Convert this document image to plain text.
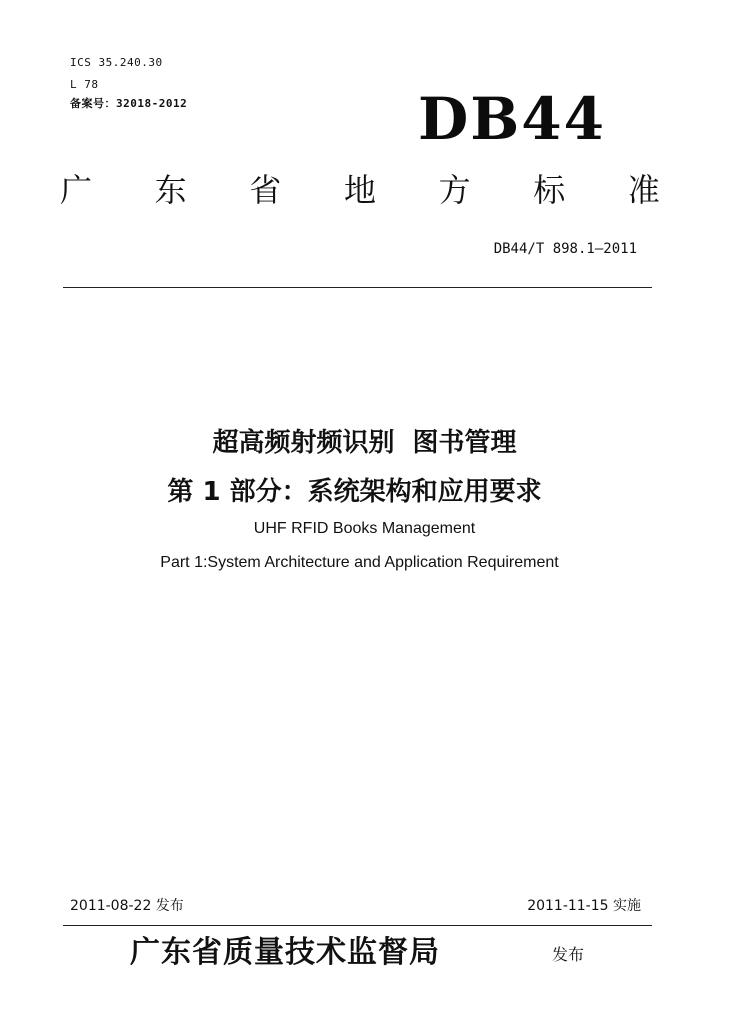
ICS 35.240.30
L 78
备案号：32018-2012	DB44
广 东 省 地 方 标 准
DB44/T 898.1—2011
超高频射频识别  图书管理
第 1 部分：系统架构和应用要求
UHF RFID Books Management
Part 1:System Architecture and Application Requirement
2011-08-22 发布	2011-11-15 实施
广东省质量技术监督局	发布
